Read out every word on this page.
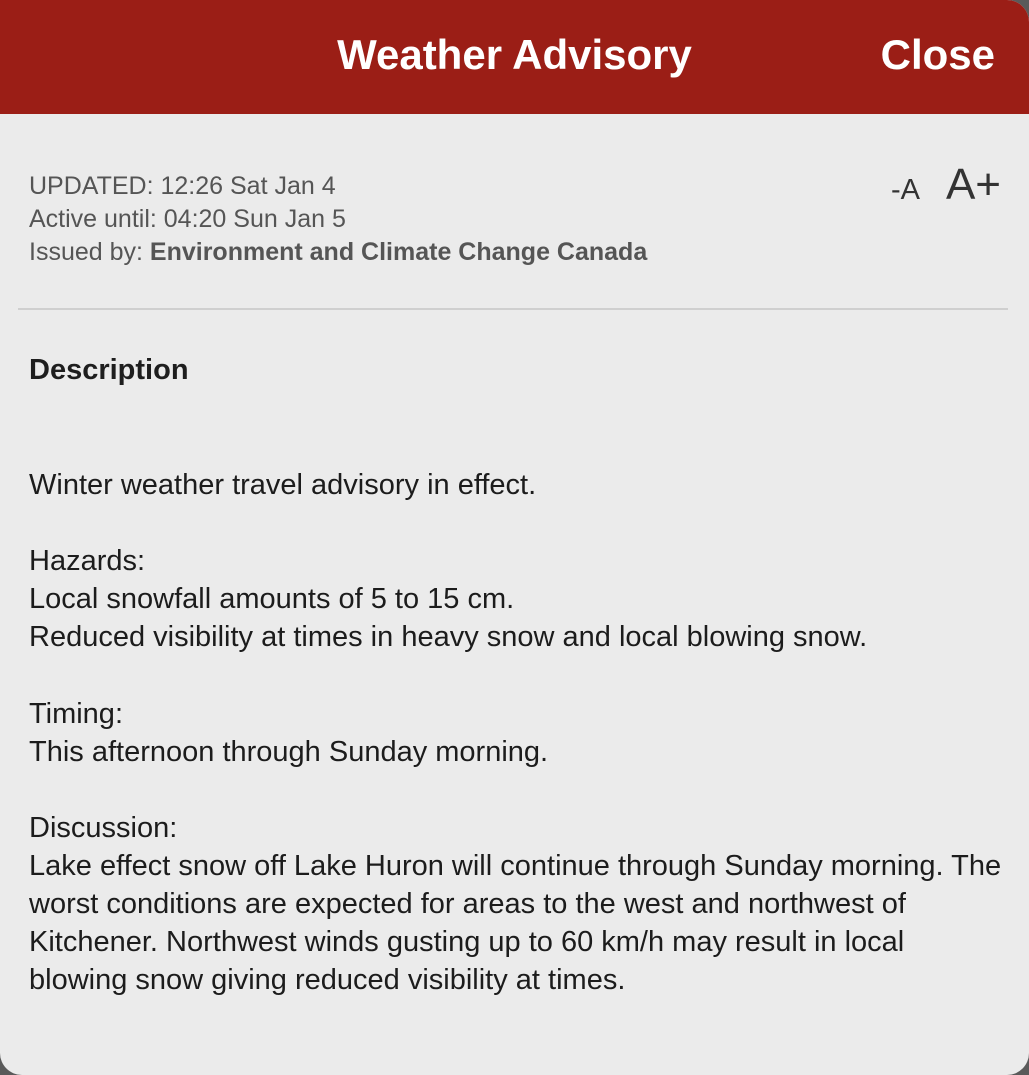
Weather Advisory	Close
UPDATED: 12:26 Sat Jan 4
Active until: 04:20 Sun Jan 5
Issued by: Environment and Climate Change Canada
-A A+
Description

Winter weather travel advisory in effect.

Hazards:
Local snowfall amounts of 5 to 15 cm.
Reduced visibility at times in heavy snow and local blowing snow.

Timing:
This afternoon through Sunday morning.

Discussion:
Lake effect snow off Lake Huron will continue through Sunday morning. The worst conditions are expected for areas to the west and northwest of Kitchener. Northwest winds gusting up to 60 km/h may result in local blowing snow giving reduced visibility at times.
